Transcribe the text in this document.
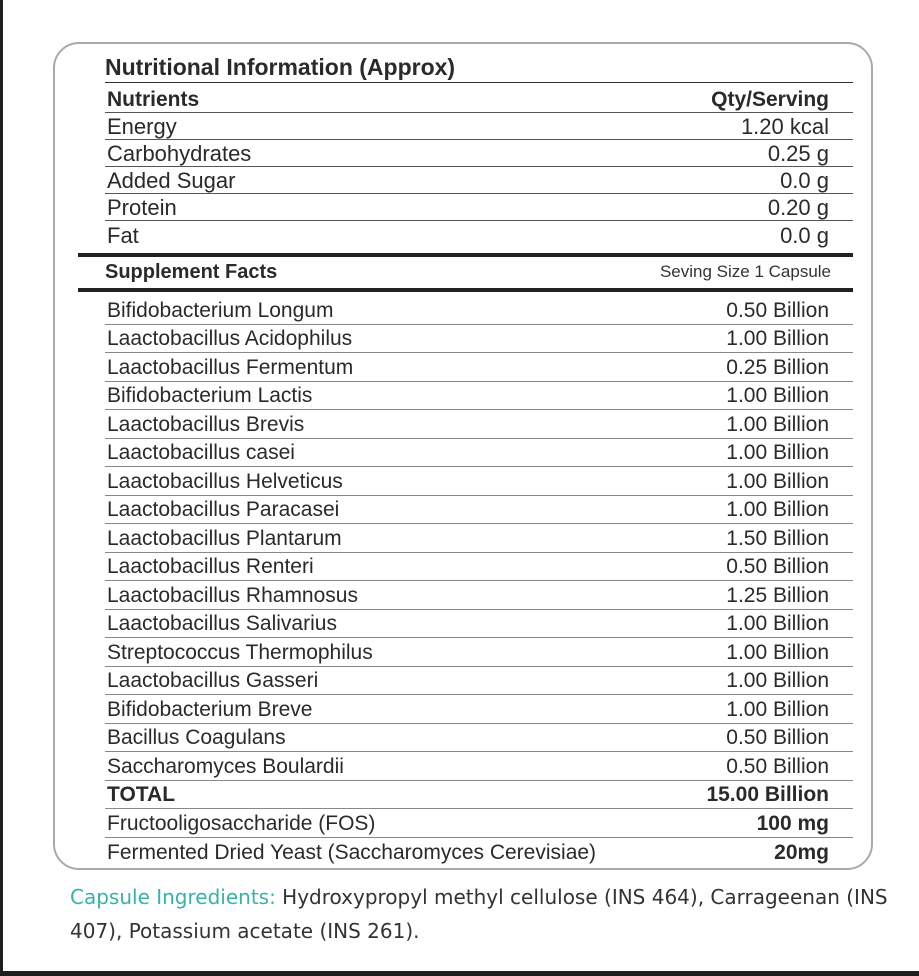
Nutritional Information (Approx)
Nutrients	Qty/Serving
Energy	1.20 kcal
Carbohydrates	0.25 g
Added Sugar	0.0 g
Protein	0.20 g
Fat	0.0 g
Supplement Facts	Seving Size 1 Capsule
Bifidobacterium Longum	0.50 Billion
Laactobacillus Acidophilus	1.00 Billion
Laactobacillus Fermentum	0.25 Billion
Bifidobacterium Lactis	1.00 Billion
Laactobacillus Brevis	1.00 Billion
Laactobacillus casei	1.00 Billion
Laactobacillus Helveticus	1.00 Billion
Laactobacillus Paracasei	1.00 Billion
Laactobacillus Plantarum	1.50 Billion
Laactobacillus Renteri	0.50 Billion
Laactobacillus Rhamnosus	1.25 Billion
Laactobacillus Salivarius	1.00 Billion
Streptococcus Thermophilus	1.00 Billion
Laactobacillus Gasseri	1.00 Billion
Bifidobacterium Breve	1.00 Billion
Bacillus Coagulans	0.50 Billion
Saccharomyces Boulardii	0.50 Billion
TOTAL	15.00 Billion
Fructooligosaccharide (FOS)	100 mg
Fermented Dried Yeast (Saccharomyces Cerevisiae)	20mg
Capsule Ingredients: Hydroxypropyl methyl cellulose (INS 464), Carrageenan (INS 407), Potassium acetate (INS 261).
